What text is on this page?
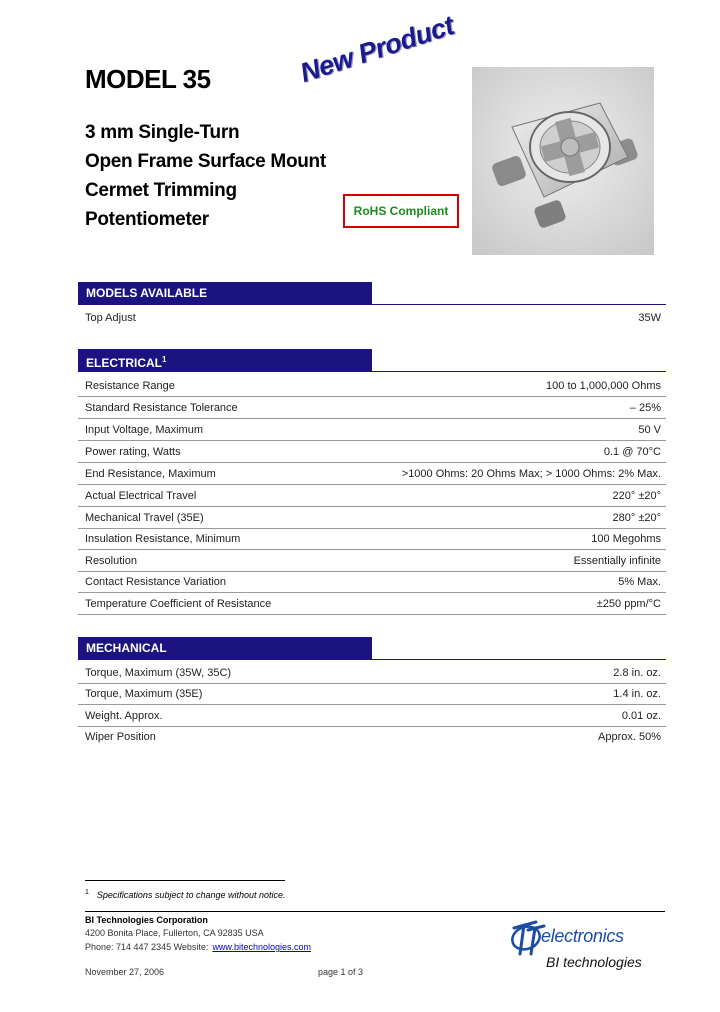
MODEL 35	New Product
3 mm Single-Turn
Open Frame Surface Mount
Cermet Trimming
Potentiometer	RoHS Compliant
MODELS AVAILABLE
Top Adjust	35W
ELECTRICAL$^1$
Resistance Range	100 to 1,000,000 Ohms
Standard Resistance Tolerance	– 25%
Input Voltage, Maximum	50 V
Power rating, Watts	0.1 @ 70°C
End Resistance, Maximum	>1000 Ohms: 20 Ohms Max; > 1000 Ohms: 2% Max.
Actual Electrical Travel	220° ±20°
Mechanical Travel (35E)	280° ±20°
Insulation Resistance, Minimum	100 Megohms
Resolution	Essentially infinite
Contact Resistance Variation	5% Max.
Temperature Coefficient of Resistance	±250 ppm/°C
MECHANICAL
Torque, Maximum (35W, 35C)	2.8 in. oz.
Torque, Maximum (35E)	1.4 in. oz.
Weight. Approx.	0.01 oz.
Wiper Position	Approx. 50%
$^1$ Specifications subject to change without notice.
BI Technologies Corporation
4200 Bonita Place, Fullerton, CA 92835 USA
Phone: 714 447 2345 Website: www.bitechnologies.com
November 27, 2006	page 1 of 3
electronics
BI technologies
